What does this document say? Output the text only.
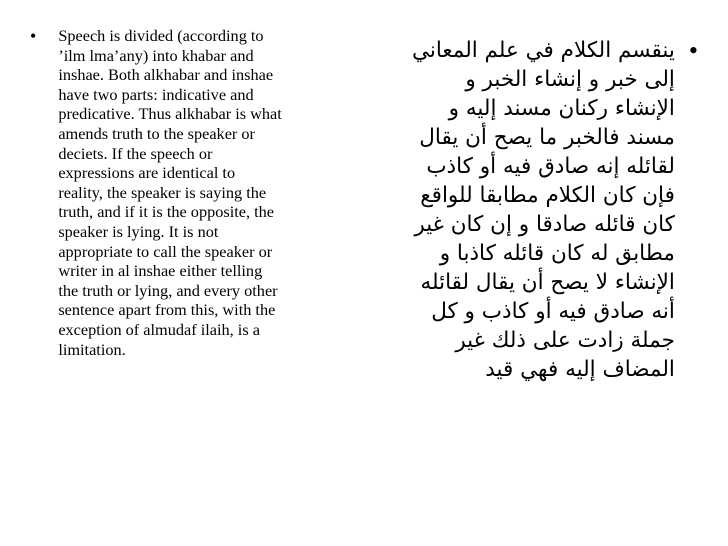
• Speech is divided (according to
’ilm lma’any) into khabar and
inshae. Both alkhabar and inshae
have two parts: indicative and
predicative. Thus alkhabar is what
amends truth to the speaker or
deciets. If the speech or
expressions are identical to
reality, the speaker is saying the
truth, and if it is the opposite, the
speaker is lying. It is not
appropriate to call the speaker or
writer in al inshae either telling
the truth or lying, and every other
sentence apart from this, with the
exception of almudaf ilaih, is a
limitation.

•

ينقسم الكلام في علم المعاني
إلى خبر و إنشاء الخبر و
الإنشاء ركنان مسند إليه و
مسند فالخبر ما يصح أن يقال
لقائله إنه صادق فيه أو كاذب
فإن كان الكلام مطابقا للواقع
كان قائله صادقا و إن كان غير
مطابق له كان قائله كاذبا و
الإنشاء لا يصح أن يقال لقائله
أنه صادق فيه أو كاذب و كل
جملة زادت على ذلك غير
المضاف إليه فهي قيد
